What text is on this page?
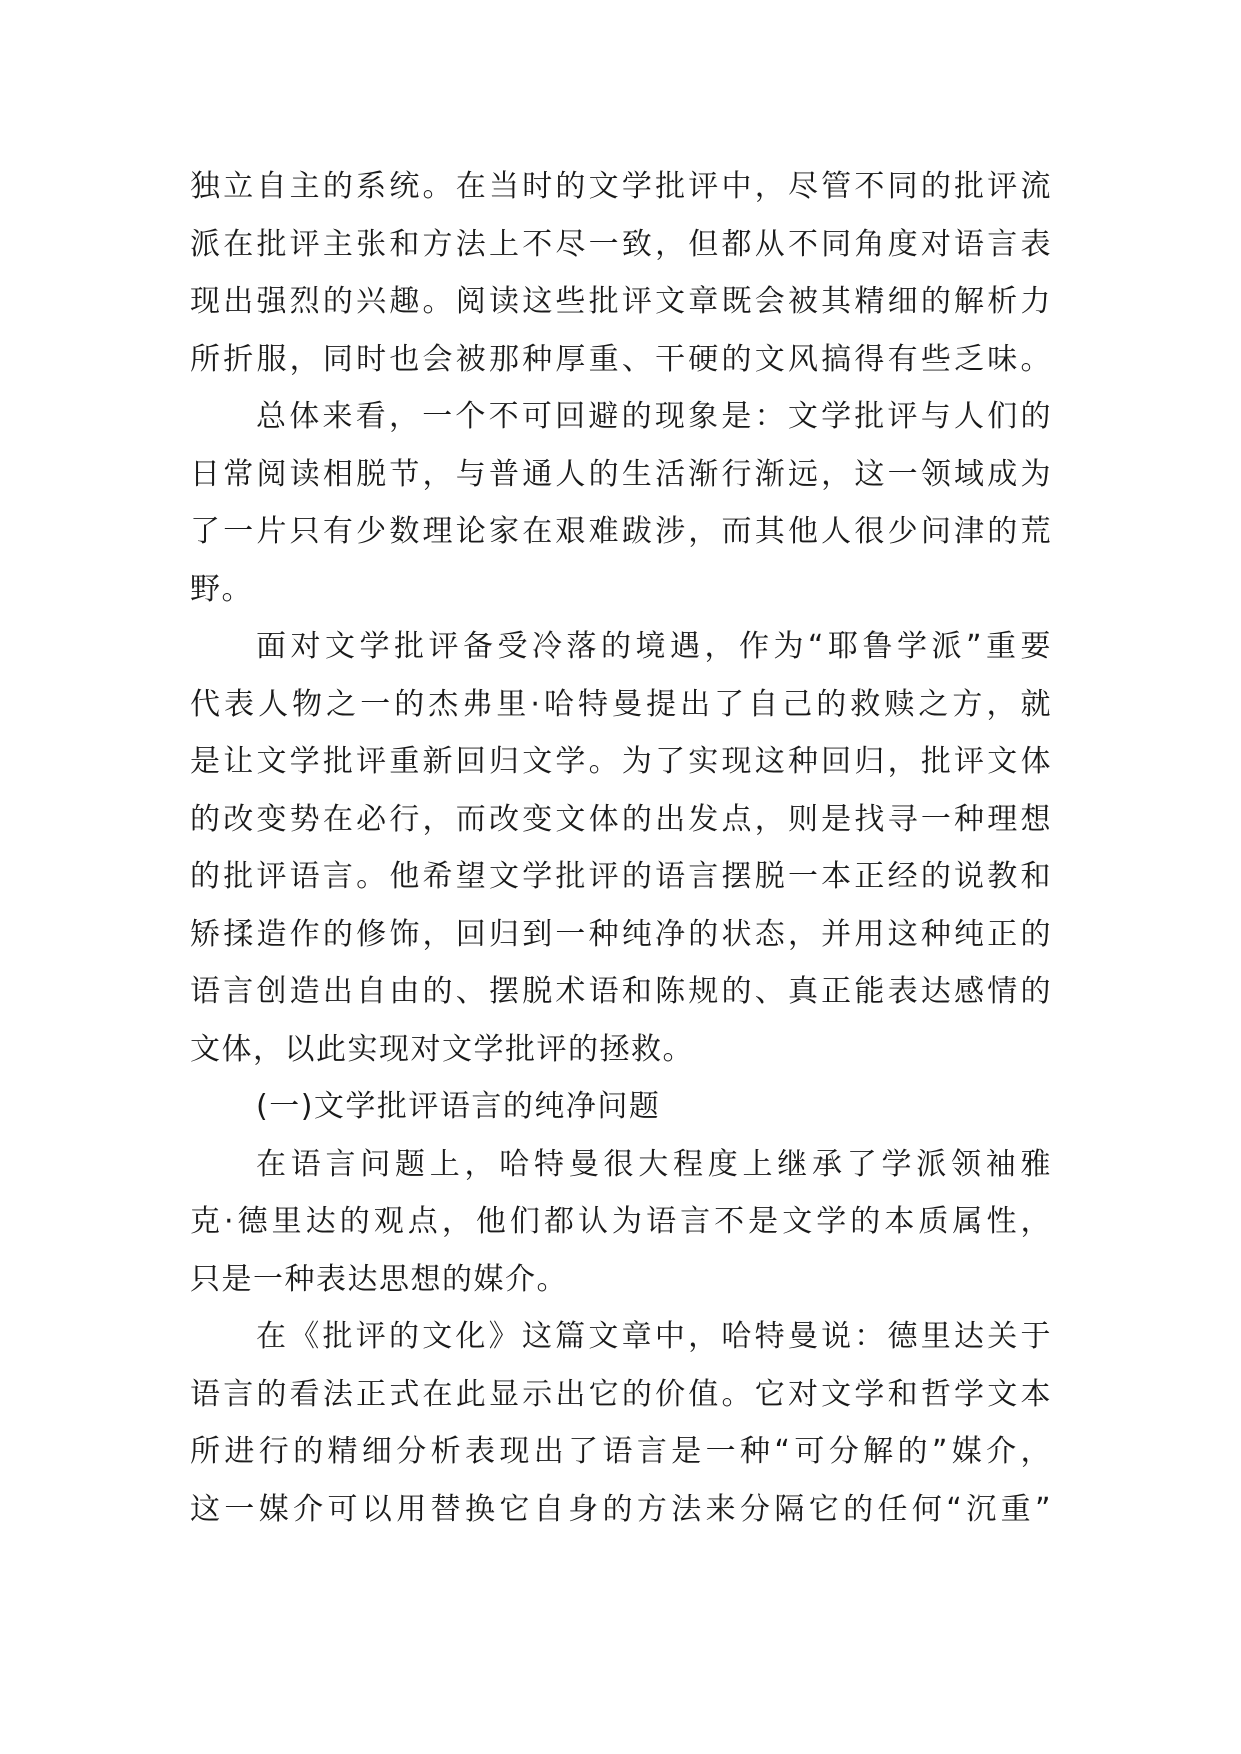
独立自主的系统。在当时的文学批评中，尽管不同的批评流
派在批评主张和方法上不尽一致，但都从不同角度对语言表
现出强烈的兴趣。阅读这些批评文章既会被其精细的解析力
所折服，同时也会被那种厚重、干硬的文风搞得有些乏味。
总体来看，一个不可回避的现象是：文学批评与人们的
日常阅读相脱节，与普通人的生活渐行渐远，这一领域成为
了一片只有少数理论家在艰难跋涉，而其他人很少问津的荒
野。
面对文学批评备受冷落的境遇，作为“耶鲁学派”重要
代表人物之一的杰弗里·哈特曼提出了自己的救赎之方，就
是让文学批评重新回归文学。为了实现这种回归，批评文体
的改变势在必行，而改变文体的出发点，则是找寻一种理想
的批评语言。他希望文学批评的语言摆脱一本正经的说教和
矫揉造作的修饰，回归到一种纯净的状态，并用这种纯正的
语言创造出自由的、摆脱术语和陈规的、真正能表达感情的
文体，以此实现对文学批评的拯救。
(一)文学批评语言的纯净问题
在语言问题上，哈特曼很大程度上继承了学派领袖雅
克·德里达的观点，他们都认为语言不是文学的本质属性，
只是一种表达思想的媒介。
在《批评的文化》这篇文章中，哈特曼说：德里达关于
语言的看法正式在此显示出它的价值。它对文学和哲学文本
所进行的精细分析表现出了语言是一种“可分解的”媒介，
这一媒介可以用替换它自身的方法来分隔它的任何“沉重”
